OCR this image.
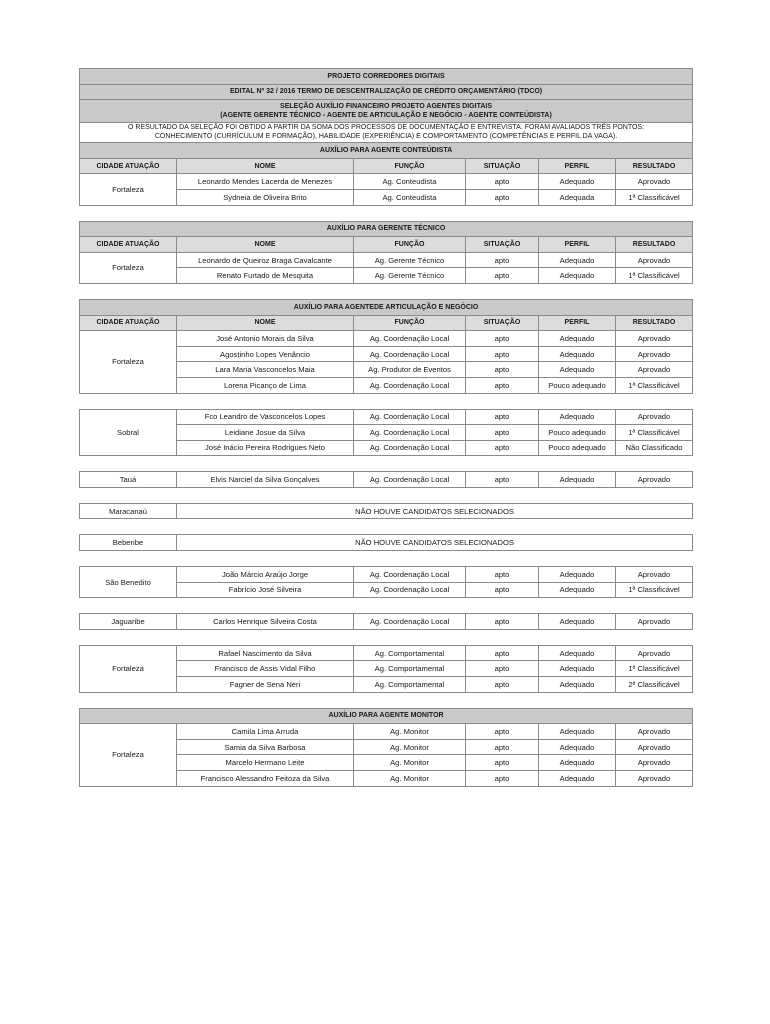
PROJETO CORREDORES DIGITAIS					
EDITAL Nº 32 / 2016 TERMO DE DESCENTRALIZAÇÃO DE CRÉDITO ORÇAMENTÁRIO (TDCO)					

SELEÇÃO AUXÍLIO FINANCEIRO PROJETO AGENTES DIGITAIS
(AGENTE GERENTE TÉCNICO - AGENTE DE ARTICULAÇÃO E NEGÓCIO - AGENTE CONTEÚDISTA)					

O RESULTADO DA SELEÇÃO FOI OBTIDO A PARTIR DA SOMA DOS PROCESSOS DE DOCUMENTAÇÃO E ENTREVISTA. FORAM AVALIADOS TRÊS PONTOS:
CONHECIMENTO (CURRÍCULUM E FORMAÇÃO), HABILIDADE (EXPERIÊNCIA) E COMPORTAMENTO (COMPETÊNCIAS E PERFIL DA VAGA).					

AUXÍLIO PARA AGENTE CONTEÚDISTA					
CIDADE ATUAÇÃO	NOME	FUNÇÃO	SITUAÇÃO	PERFIL	RESULTADO
Fortaleza	Leonardo Mendes Lacerda de Menezes	Ag. Conteudista	apto	Adequado	Aprovado
	Sydneia de Oliveira Brito	Ag. Conteudista	apto	Adequada	1ª Classificável
AUXÍLIO PARA GERENTE TÉCNICO					
CIDADE ATUAÇÃO	NOME	FUNÇÃO	SITUAÇÃO	PERFIL	RESULTADO
Fortaleza	Leonardo de Queiroz Braga Cavalcante	Ag. Gerente Técnico	apto	Adequado	Aprovado
	Renato Furtado de Mesquita	Ag. Gerente Técnico	apto	Adequado	1ª Classificável
AUXÍLIO PARA AGENTEDE ARTICULAÇÃO E NEGÓCIO					
CIDADE ATUAÇÃO	NOME	FUNÇÃO	SITUAÇÃO	PERFIL	RESULTADO
Fortaleza	José Antonio Morais da Silva	Ag. Coordenação Local	apto	Adequado	Aprovado
	Agostinho Lopes Venâncio	Ag. Coordenação Local	apto	Adequado	Aprovado
	Lara Maria Vasconcelos Maia	Ag. Produtor de Eventos	apto	Adequado	Aprovado
	Lorena Picanço de Lima	Ag. Coordenação Local	apto	Pouco adequado	1ª Classificável
Sobral	Fco Leandro de Vasconcelos Lopes	Ag. Coordenação Local	apto	Adequado	Aprovado
	Leidiane Josue da Silva	Ag. Coordenação Local	apto	Pouco adequado	1ª Classificável
	José Inácio Pereira Rodrigues Neto	Ag. Coordenação Local	apto	Pouco adequado	Não Classificado
Tauá	Elvis Narciel da Silva Gonçalves	Ag. Coordenação Local	apto	Adequado	Aprovado
Maracanaú	NÃO HOUVE CANDIDATOS SELECIONADOS
Beberibe	NÃO HOUVE CANDIDATOS SELECIONADOS
São Benedito	João Márcio Araújo Jorge	Ag. Coordenação Local	apto	Adequado	Aprovado
	Fabrício José Silveira	Ag. Coordenação Local	apto	Adequado	1ª Classificável
Jaguaribe	Carlos Henrique Silveira Costa	Ag. Coordenação Local	apto	Adequado	Aprovado
Fortaleza	Rafael Nascimento da Silva	Ag. Comportamental	apto	Adequado	Aprovado
	Francisco de Assis Vidal Filho	Ag. Comportamental	apto	Adequado	1ª Classificável
	Fagner de Sena Neri	Ag. Comportamental	apto	Adequado	2ª Classificável
AUXÍLIO PARA AGENTE MONITOR					
Fortaleza	Camila Lima Arruda	Ag. Monitor	apto	Adequado	Aprovado
	Samia da Silva Barbosa	Ag. Monitor	apto	Adequado	Aprovado
	Marcelo Hermano Leite	Ag. Monitor	apto	Adequado	Aprovado
	Francisco Alessandro Feitoza da Silva	Ag. Monitor	apto	Adequado	Aprovado
